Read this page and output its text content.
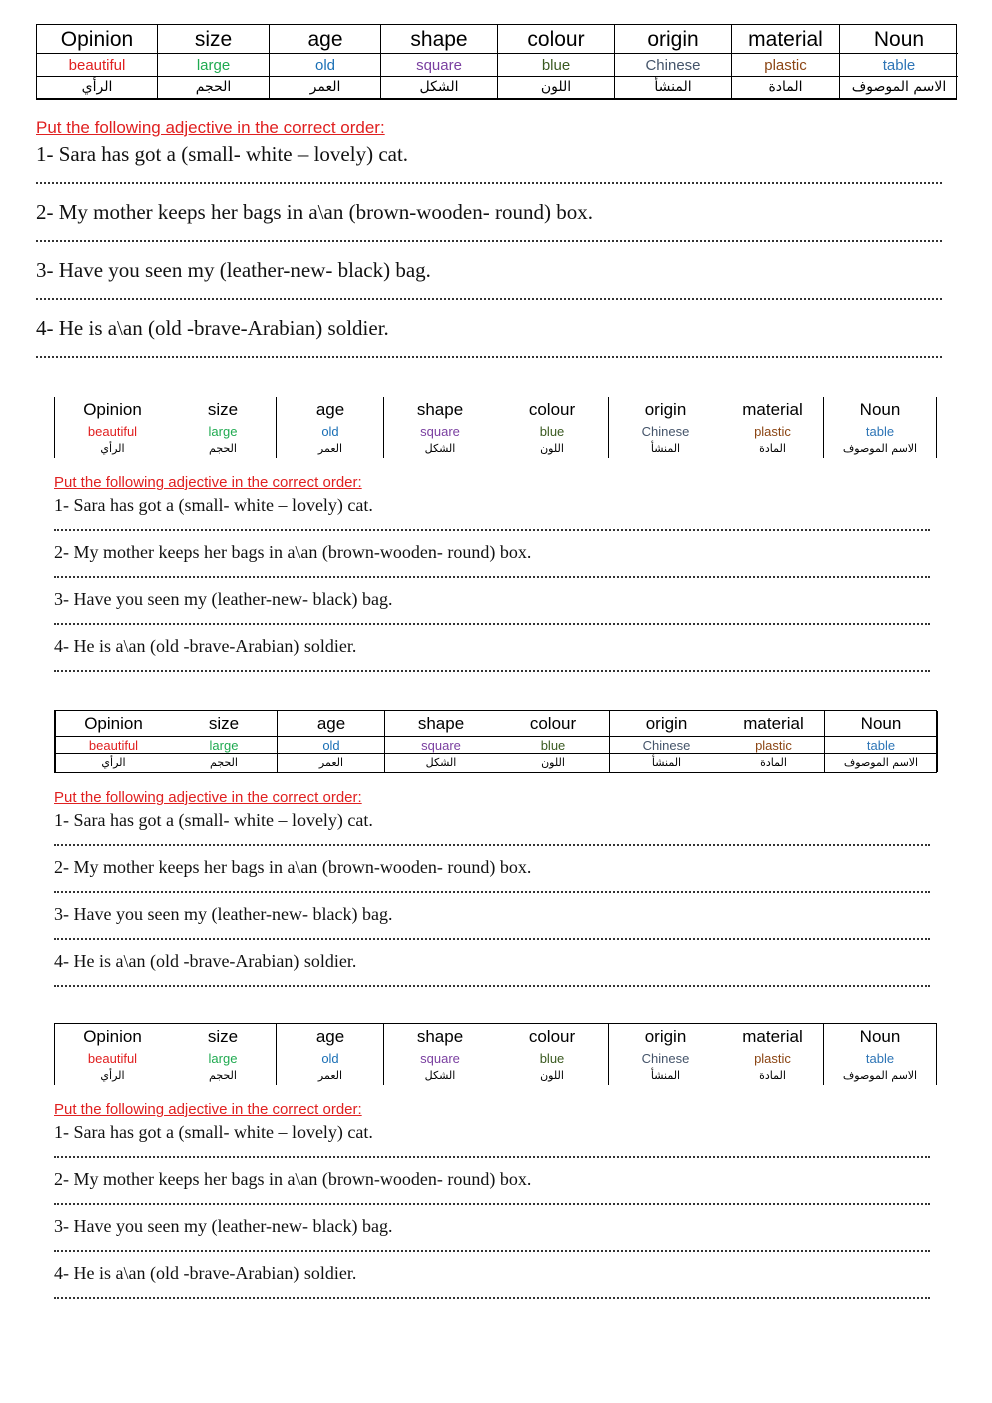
Opinion	size	age	shape	colour	origin	material	Noun
beautiful	large	old	square	blue	Chinese	plastic	table
الرأي	الحجم	العمر	الشكل	اللون	المنشأ	المادة	الاسم الموصوف
Put the following adjective in the correct order:
1- Sara has got a (small- white – lovely) cat.
2- My mother keeps her bags in a\an (brown-wooden- round) box.
3- Have you seen my (leather-new- black) bag.
4- He is a\an (old -brave-Arabian) soldier.
Opinion	size	age	shape	colour	origin	material	Noun
beautiful	large	old	square	blue	Chinese	plastic	table
الرأي	الحجم	العمر	الشكل	اللون	المنشأ	المادة	الاسم الموصوف
Put the following adjective in the correct order:
1- Sara has got a (small- white – lovely) cat.
2- My mother keeps her bags in a\an (brown-wooden- round) box.
3- Have you seen my (leather-new- black) bag.
4- He is a\an (old -brave-Arabian) soldier.
Opinion	size	age	shape	colour	origin	material	Noun
beautiful	large	old	square	blue	Chinese	plastic	table
الرأي	الحجم	العمر	الشكل	اللون	المنشأ	المادة	الاسم الموصوف
Put the following adjective in the correct order:
1- Sara has got a (small- white – lovely) cat.
2- My mother keeps her bags in a\an (brown-wooden- round) box.
3- Have you seen my (leather-new- black) bag.
4- He is a\an (old -brave-Arabian) soldier.
Opinion	size	age	shape	colour	origin	material	Noun
beautiful	large	old	square	blue	Chinese	plastic	table
الرأي	الحجم	العمر	الشكل	اللون	المنشأ	المادة	الاسم الموصوف
Put the following adjective in the correct order:
1- Sara has got a (small- white – lovely) cat.
2- My mother keeps her bags in a\an (brown-wooden- round) box.
3- Have you seen my (leather-new- black) bag.
4- He is a\an (old -brave-Arabian) soldier.
